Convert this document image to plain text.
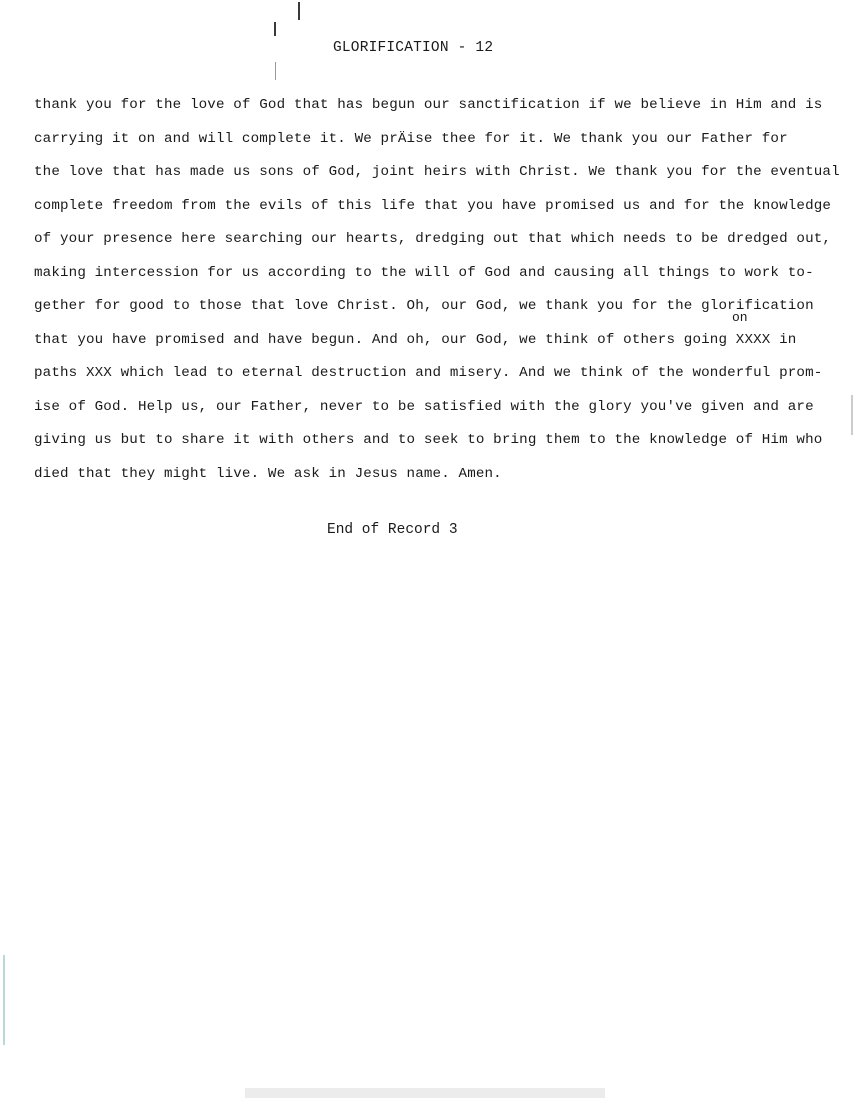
GLORIFICATION - 12
thank you for the love of God that has begun our sanctification if we believe in Him and is
carrying it on and will complete it. We prÄise thee for it. We thank you our Father for
the love that has made us sons of God, joint heirs with Christ. We thank you for the eventual
complete freedom from the evils of this life that you have promised us and for the knowledge
of your presence here searching our hearts, dredging out that which needs to be dredged out,
making intercession for us according to the will of God and causing all things to work to-
gether for good to those that love Christ. Oh, our God, we thank you for the glorification
that you have promised and have begun. And oh, our God, we think of others going XXXX in
paths XXX which lead to eternal destruction and misery. And we think of the wonderful prom-
ise of God. Help us, our Father, never to be satisfied with the glory you've given and are
giving us but to share it with others and to seek to bring them to the knowledge of Him who
died that they might live. We ask in Jesus name. Amen.
on
End of Record 3
